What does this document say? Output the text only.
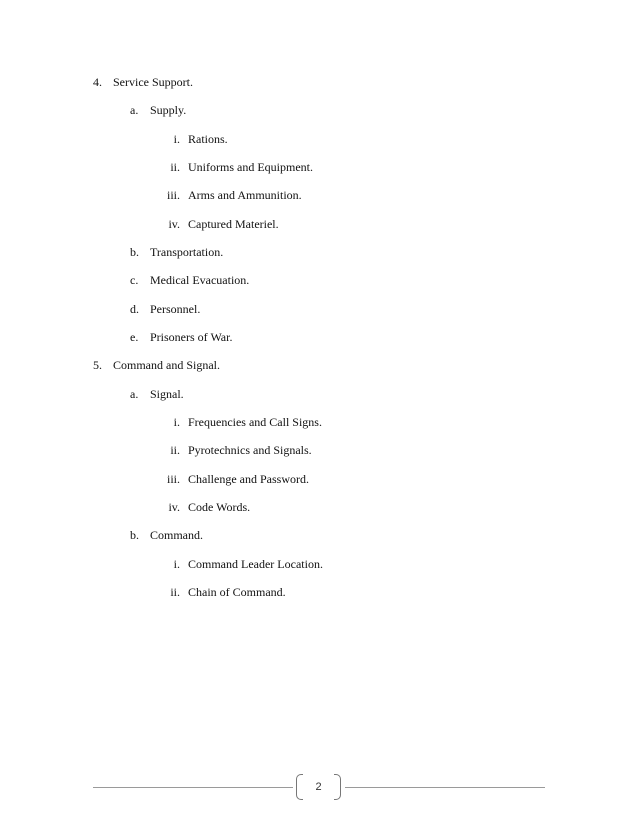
4. Service Support.
a. Supply.
i. Rations.
ii. Uniforms and Equipment.
iii. Arms and Ammunition.
iv. Captured Materiel.
b. Transportation.
c. Medical Evacuation.
d. Personnel.
e. Prisoners of War.
5. Command and Signal.
a. Signal.
i. Frequencies and Call Signs.
ii. Pyrotechnics and Signals.
iii. Challenge and Password.
iv. Code Words.
b. Command.
i. Command Leader Location.
ii. Chain of Command.
2
